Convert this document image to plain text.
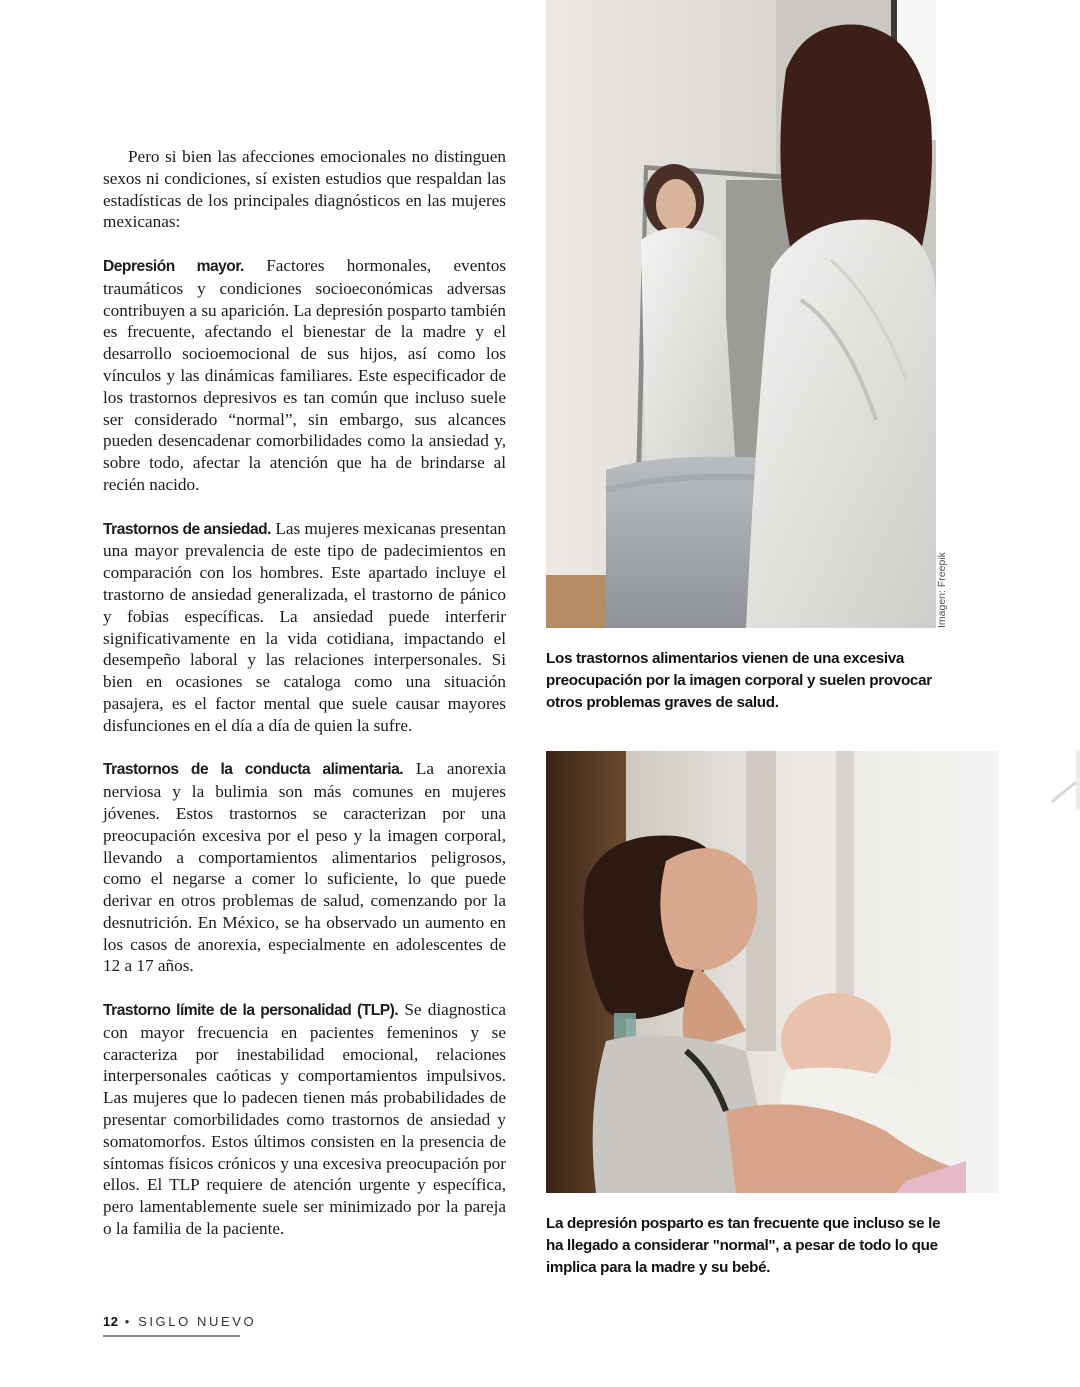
Pero si bien las afecciones emocionales no distinguen sexos ni condiciones, sí existen estudios que respaldan las estadísticas de los principales diagnósticos en las mujeres mexicanas:

Depresión mayor. Factores hormonales, eventos traumáticos y condiciones socioeconómicas adversas contribuyen a su aparición. La depresión posparto también es frecuente, afectando el bienestar de la madre y el desarrollo socioemocional de sus hijos, así como los vínculos y las dinámicas familiares. Este especificador de los trastornos depresivos es tan común que incluso suele ser considerado “normal”, sin embargo, sus alcances pueden desencadenar comorbilidades como la ansiedad y, sobre todo, afectar la atención que ha de brindarse al recién nacido.

Trastornos de ansiedad. Las mujeres mexicanas presentan una mayor prevalencia de este tipo de padecimientos en comparación con los hombres. Este apartado incluye el trastorno de ansiedad generalizada, el trastorno de pánico y fobias específicas. La ansiedad puede interferir significativamente en la vida cotidiana, impactando el desempeño laboral y las relaciones interpersonales. Si bien en ocasiones se cataloga como una situación pasajera, es el factor mental que suele causar mayores disfunciones en el día a día de quien la sufre.

Trastornos de la conducta alimentaria. La anorexia nerviosa y la bulimia son más comunes en mujeres jóvenes. Estos trastornos se caracterizan por una preocupación excesiva por el peso y la imagen corporal, llevando a comportamientos alimentarios peligrosos, como el negarse a comer lo suficiente, lo que puede derivar en otros problemas de salud, comenzando por la desnutrición. En México, se ha observado un aumento en los casos de anorexia, especialmente en adolescentes de 12 a 17 años.

Trastorno límite de la personalidad (TLP). Se diagnostica con mayor frecuencia en pacientes femeninos y se caracteriza por inestabilidad emocional, relaciones interpersonales caóticas y comportamientos impulsivos. Las mujeres que lo padecen tienen más probabilidades de presentar comorbilidades como trastornos de ansiedad y somatomorfos. Estos últimos consisten en la presencia de síntomas físicos crónicos y una excesiva preocupación por ellos. El TLP requiere de atención urgente y específica, pero lamentablemente suele ser minimizado por la pareja o la familia de la paciente.

Imagen: Freepik

Los trastornos alimentarios vienen de una excesiva preocupación por la imagen corporal y suelen provocar otros problemas graves de salud.

La depresión posparto es tan frecuente que incluso se le ha llegado a considerar "normal", a pesar de todo lo que implica para la madre y su bebé.

12 • SIGLO NUEVO
